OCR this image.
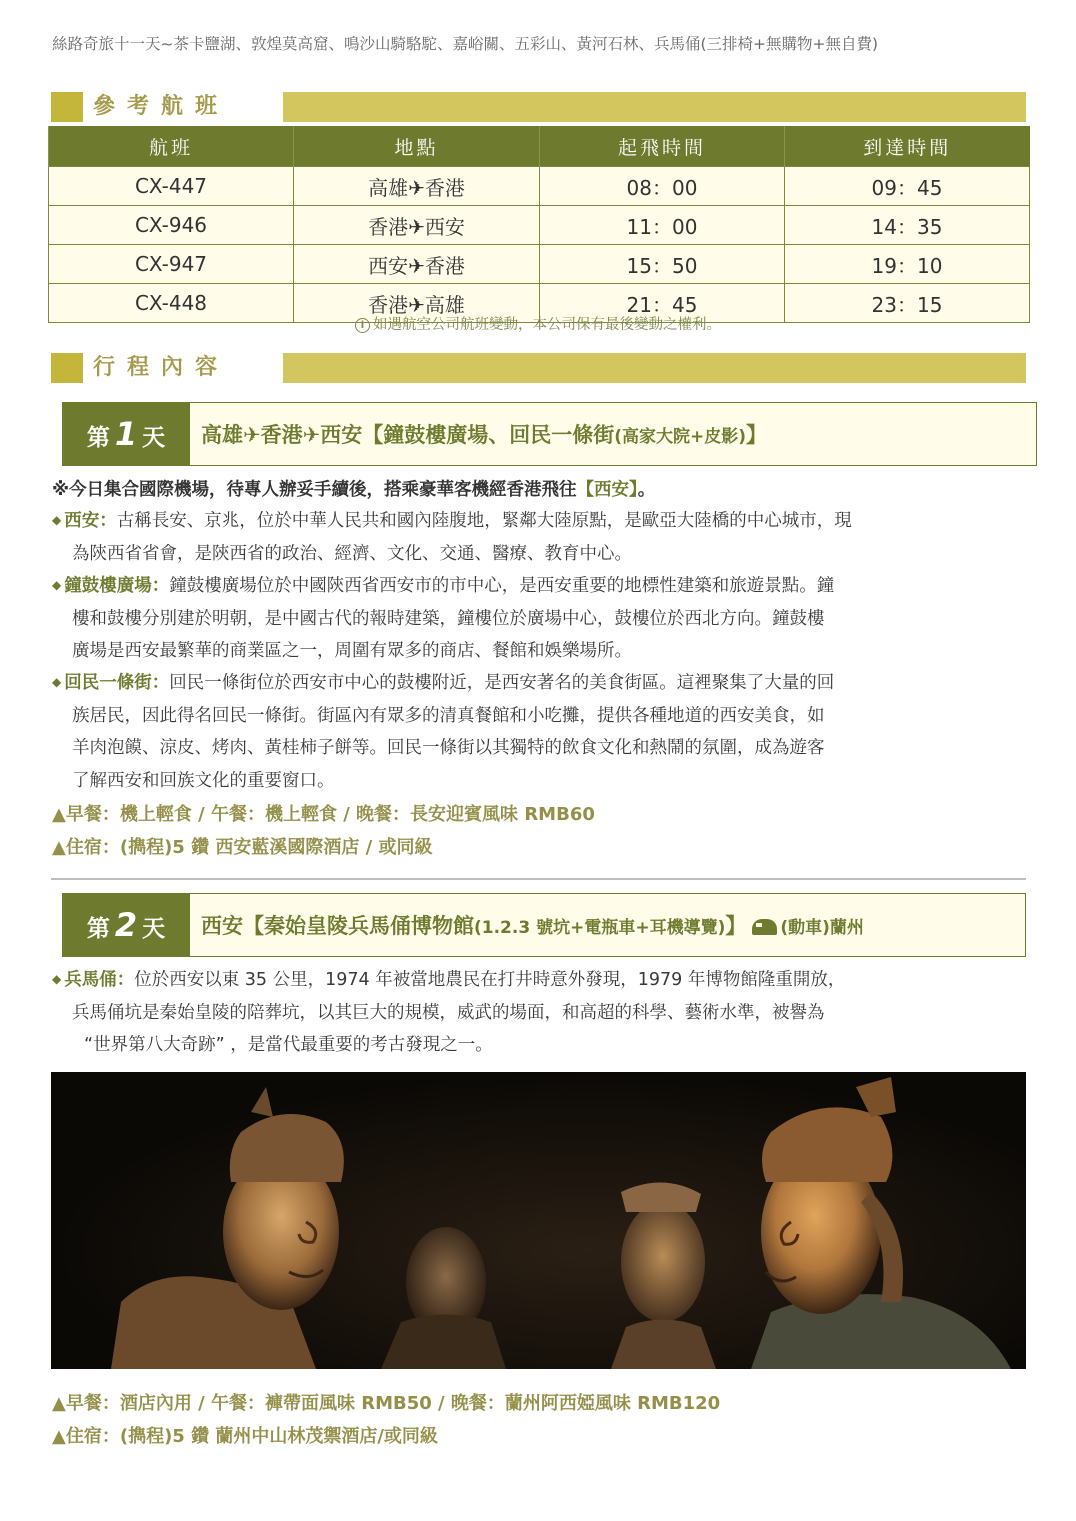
絲路奇旅十一天~茶卡鹽湖、敦煌莫高窟、鳴沙山騎駱駝、嘉峪關、五彩山、黃河石林、兵馬俑(三排椅+無購物+無自費)
參考航班
航班	地點	起飛時間	到達時間
CX-447	高雄✈香港	08：00	09：45
CX-946	香港✈西安	11：00	14：35
CX-947	西安✈香港	15：50	19：10
CX-448	香港✈高雄	21：45	23：15
i 如遇航空公司航班變動，本公司保有最後變動之權利。
行程內容
第 1 天	高雄✈香港✈西安【鐘鼓樓廣場、回民一條街(高家大院+皮影)】
※今日集合國際機場，待專人辦妥手續後，搭乘豪華客機經香港飛往【西安】。
◆ 西安：古稱長安、京兆，位於中華人民共和國內陸腹地，緊鄰大陸原點，是歐亞大陸橋的中心城市，現
為陝西省省會，是陝西省的政治、經濟、文化、交通、醫療、教育中心。
◆ 鐘鼓樓廣場：鐘鼓樓廣場位於中國陝西省西安市的市中心，是西安重要的地標性建築和旅遊景點。鐘
樓和鼓樓分別建於明朝，是中國古代的報時建築，鐘樓位於廣場中心，鼓樓位於西北方向。鐘鼓樓
廣場是西安最繁華的商業區之一，周圍有眾多的商店、餐館和娛樂場所。
◆ 回民一條街：回民一條街位於西安市中心的鼓樓附近，是西安著名的美食街區。這裡聚集了大量的回
族居民，因此得名回民一條街。街區內有眾多的清真餐館和小吃攤，提供各種地道的西安美食，如
羊肉泡饃、涼皮、烤肉、黃桂柿子餅等。回民一條街以其獨特的飲食文化和熱鬧的氛圍，成為遊客
了解西安和回族文化的重要窗口。
▲早餐：機上輕食 / 午餐：機上輕食 / 晚餐：長安迎賓風味 RMB60
▲住宿：(擕程)5 鑽 西安藍溪國際酒店 / 或同級
第 2 天	西安【秦始皇陵兵馬俑博物館(1.2.3 號坑+電瓶車+耳機導覽)】 (動車)蘭州
◆ 兵馬俑：位於西安以東 35 公里，1974 年被當地農民在打井時意外發現，1979 年博物館隆重開放，
兵馬俑坑是秦始皇陵的陪葬坑，以其巨大的規模，威武的場面，和高超的科學、藝術水準，被譽為
“世界第八大奇跡” ，是當代最重要的考古發現之一。
▲早餐：酒店內用 / 午餐：褲帶面風味 RMB50 / 晚餐：蘭州阿西婭風味 RMB120
▲住宿：(擕程)5 鑽 蘭州中山林茂禦酒店/或同級
